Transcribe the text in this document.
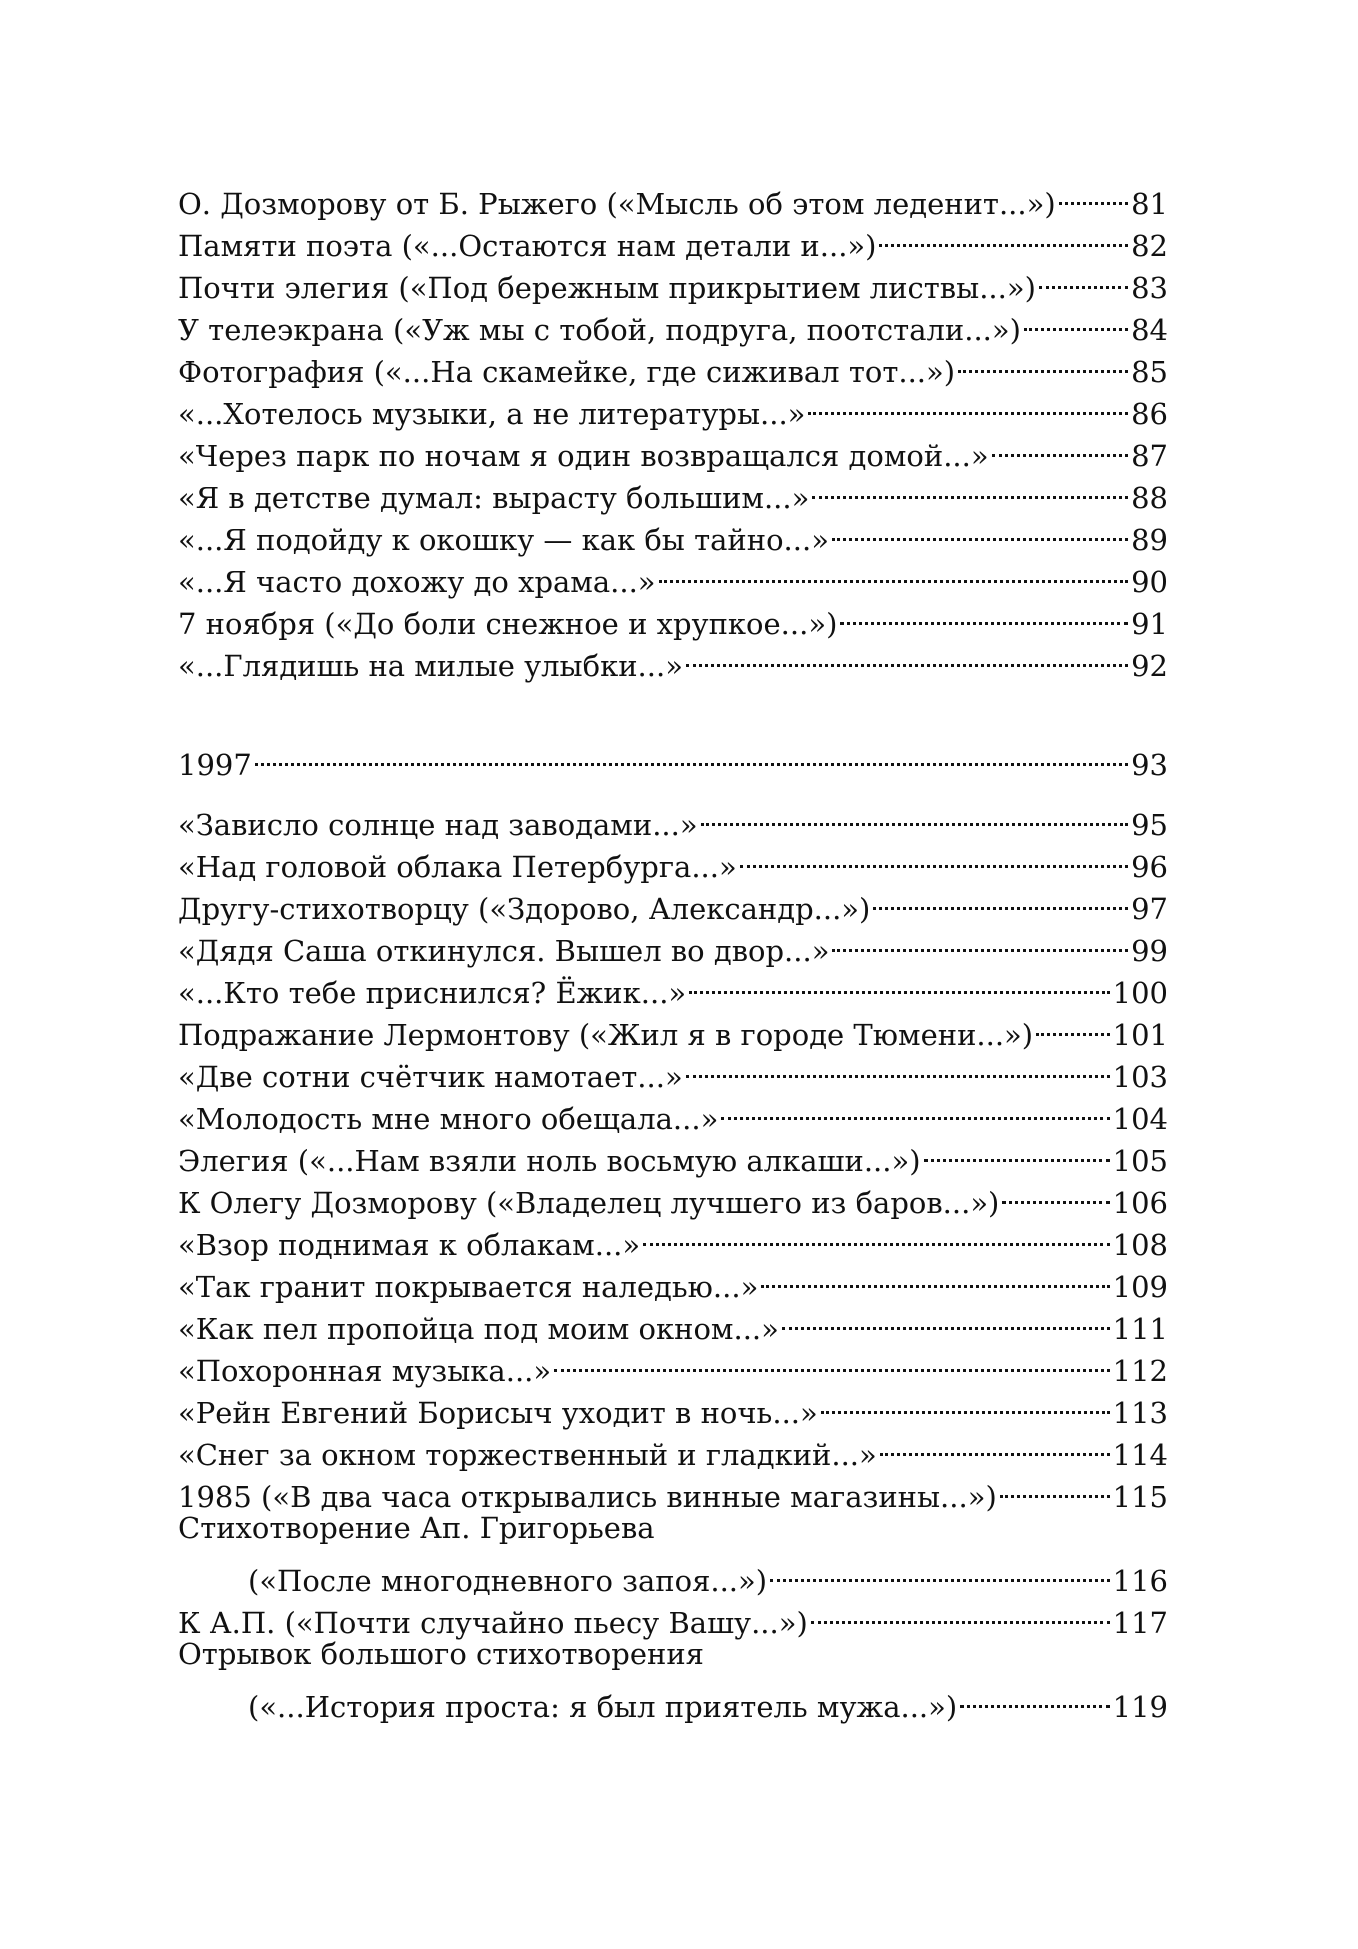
О. Дозморову от Б. Рыжего («Мысль об этом леденит...»)	81
Памяти поэта («...Остаются нам детали и...»)	82
Почти элегия («Под бережным прикрытием листвы...»)	83
У телеэкрана («Уж мы с тобой, подруга, поотстали...»)	84
Фотография («...На скамейке, где сиживал тот...»)	85
«...Хотелось музыки, а не литературы...»	86
«Через парк по ночам я один возвращался домой...»	87
«Я в детстве думал: вырасту большим...»	88
«...Я подойду к окошку — как бы тайно...»	89
«...Я часто дохожу до храма...»	90
7 ноября («До боли снежное и хрупкое...»)	91
«...Глядишь на милые улыбки...»	92
1997	93
«Зависло солнце над заводами...»	95
«Над головой облака Петербурга...»	96
Другу-стихотворцу («Здорово, Александр...»)	97
«Дядя Саша откинулся. Вышел во двор...»	99
«...Кто тебе приснился? Ёжик...»	100
Подражание Лермонтову («Жил я в городе Тюмени...»)	101
«Две сотни счётчик намотает...»	103
«Молодость мне много обещала...»	104
Элегия («...Нам взяли ноль восьмую алкаши...»)	105
К Олегу Дозморову («Владелец лучшего из баров...»)	106
«Взор поднимая к облакам...»	108
«Так гранит покрывается наледью...»	109
«Как пел пропойца под моим окном...»	111
«Похоронная музыка...»	112
«Рейн Евгений Борисыч уходит в ночь...»	113
«Снег за окном торжественный и гладкий...»	114
1985 («В два часа открывались винные магазины...»)	115
Стихотворение Ап. Григорьева
(«После многодневного запоя...»)	116
К А.П. («Почти случайно пьесу Вашу...»)	117
Отрывок большого стихотворения
(«...История проста: я был приятель мужа...»)	119
